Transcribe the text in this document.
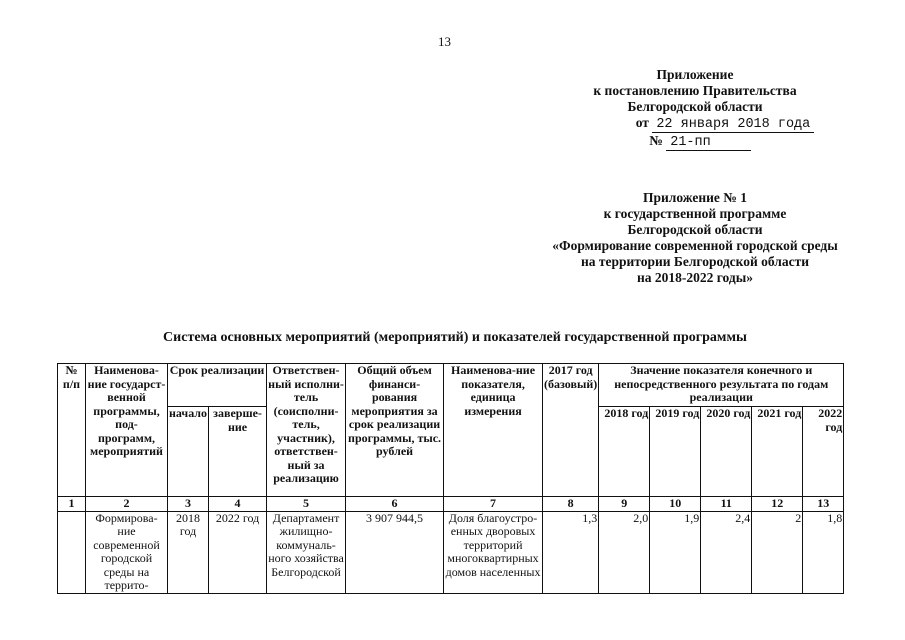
13
Приложение
к постановлению Правительства
Белгородской области
от 22 января 2018 года
№ 21-пп
Приложение № 1
к государственной программе
Белгородской области
«Формирование современной городской среды
на территории Белгородской области
на 2018-2022 годы»
Система основных мероприятий (мероприятий) и показателей государственной программы
№ п/п	Наименова-ние государст-венной программы, под-программ, мероприятий	Срок реализации		Ответствен-ный исполни-тель (соисполни-тель, участник), ответствен-ный за реализацию	Общий объем финанси-рования мероприятия за срок реализации программы, тыс. рублей	Наименова-ние показателя, единица измерения	2017 год (базовый)	Значение показателя конечного и непосредственного результата по годам реализации				
		начало	заверше-ние					2018 год	2019 год	2020 год	2021 год	2022 год
1	2	3	4	5	6	7	8	9	10	11	12	13
	Формирова-ние современной городской среды на террито-	2018 год	2022 год	Департамент жилищно-коммуналь-ного хозяйства Белгородской	3 907 944,5	Доля благоустро-енных дворовых территорий многоквартирных домов населенных	1,3	2,0	1,9	2,4	2	1,8
